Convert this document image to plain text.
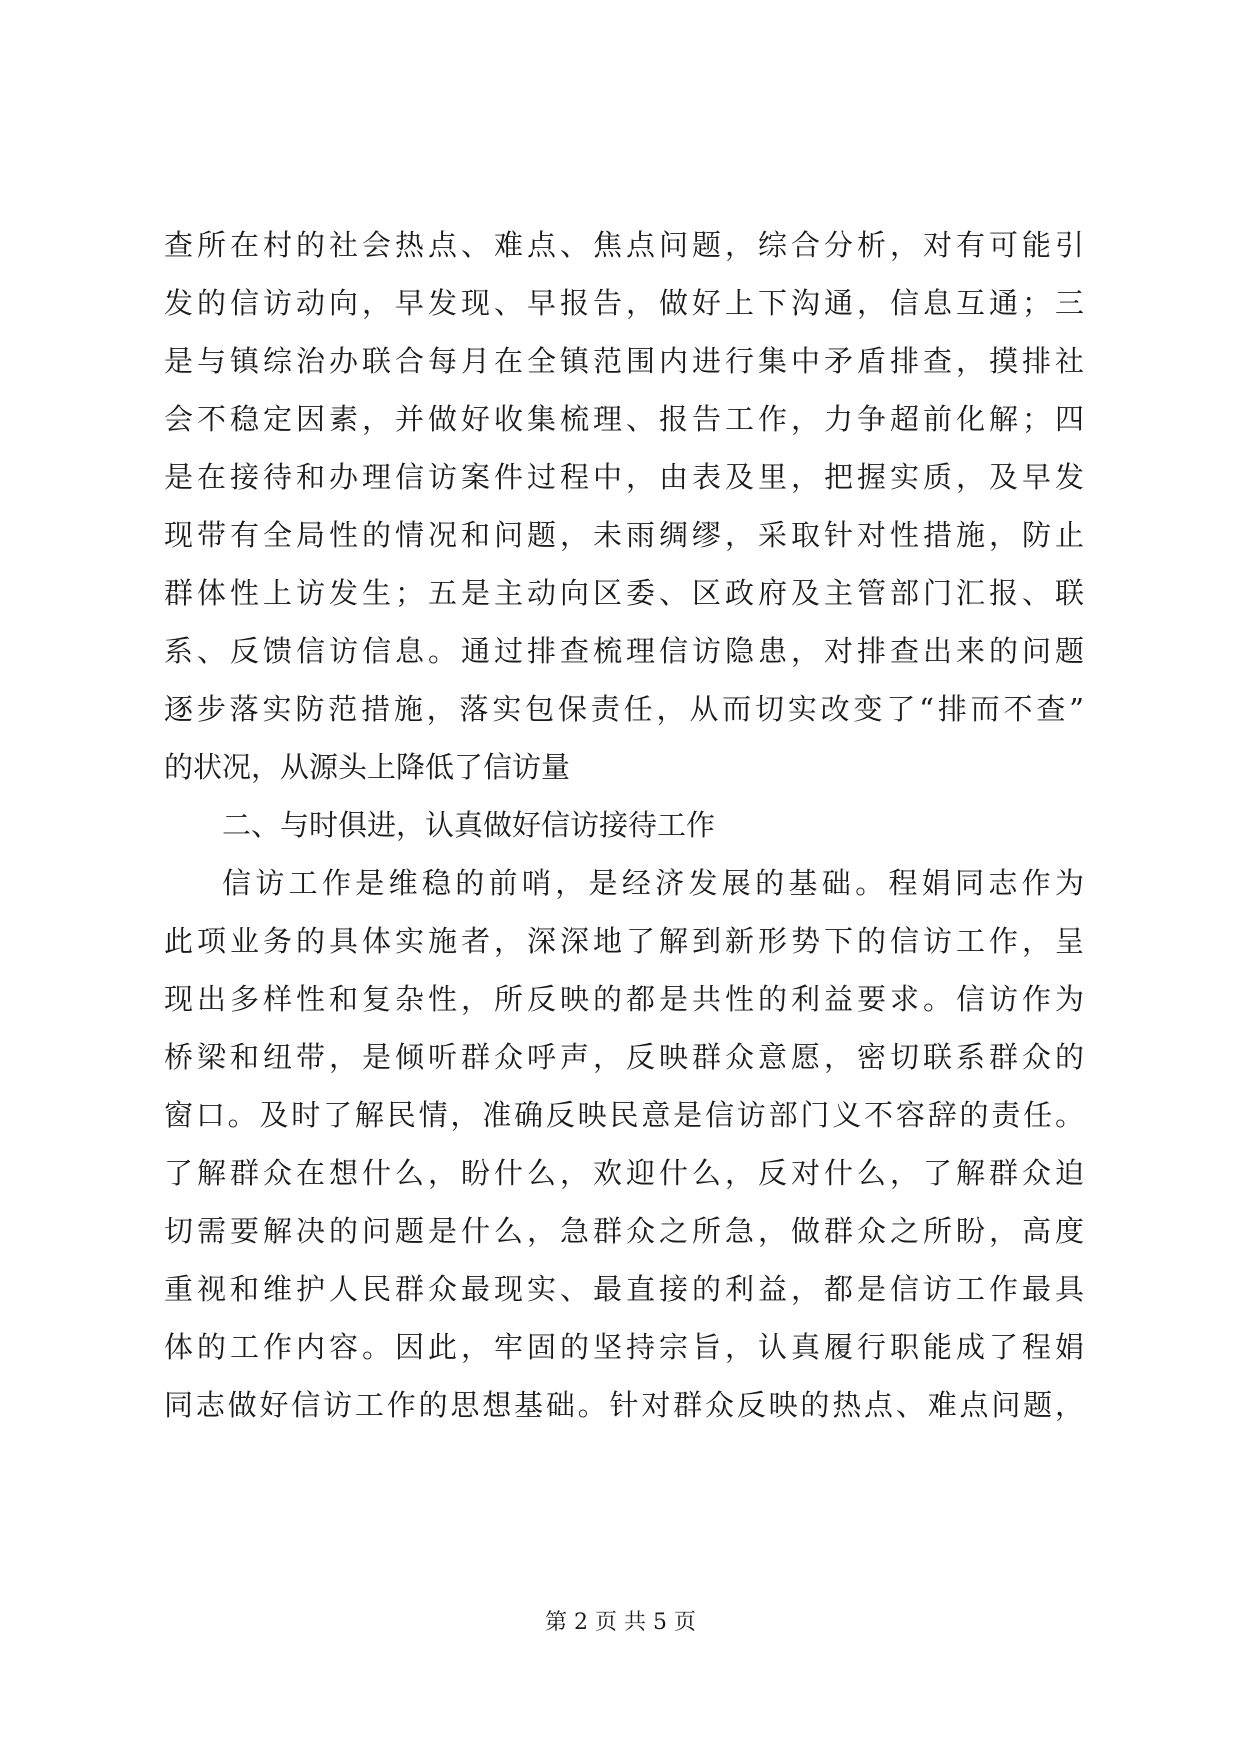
查所在村的社会热点、难点、焦点问题，综合分析，对有可能引
发的信访动向，早发现、早报告，做好上下沟通，信息互通；三
是与镇综治办联合每月在全镇范围内进行集中矛盾排查，摸排社
会不稳定因素，并做好收集梳理、报告工作，力争超前化解；四
是在接待和办理信访案件过程中，由表及里，把握实质，及早发
现带有全局性的情况和问题，未雨绸缪，采取针对性措施，防止
群体性上访发生；五是主动向区委、区政府及主管部门汇报、联
系、反馈信访信息。通过排查梳理信访隐患，对排查出来的问题
逐步落实防范措施，落实包保责任，从而切实改变了“排而不查”
的状况，从源头上降低了信访量
二、与时俱进，认真做好信访接待工作
信访工作是维稳的前哨，是经济发展的基础。程娟同志作为
此项业务的具体实施者，深深地了解到新形势下的信访工作，呈
现出多样性和复杂性，所反映的都是共性的利益要求。信访作为
桥梁和纽带，是倾听群众呼声，反映群众意愿，密切联系群众的
窗口。及时了解民情，准确反映民意是信访部门义不容辞的责任。
了解群众在想什么，盼什么，欢迎什么，反对什么，了解群众迫
切需要解决的问题是什么，急群众之所急，做群众之所盼，高度
重视和维护人民群众最现实、最直接的利益，都是信访工作最具
体的工作内容。因此，牢固的坚持宗旨，认真履行职能成了程娟
同志做好信访工作的思想基础。针对群众反映的热点、难点问题，
第 2 页 共 5 页
